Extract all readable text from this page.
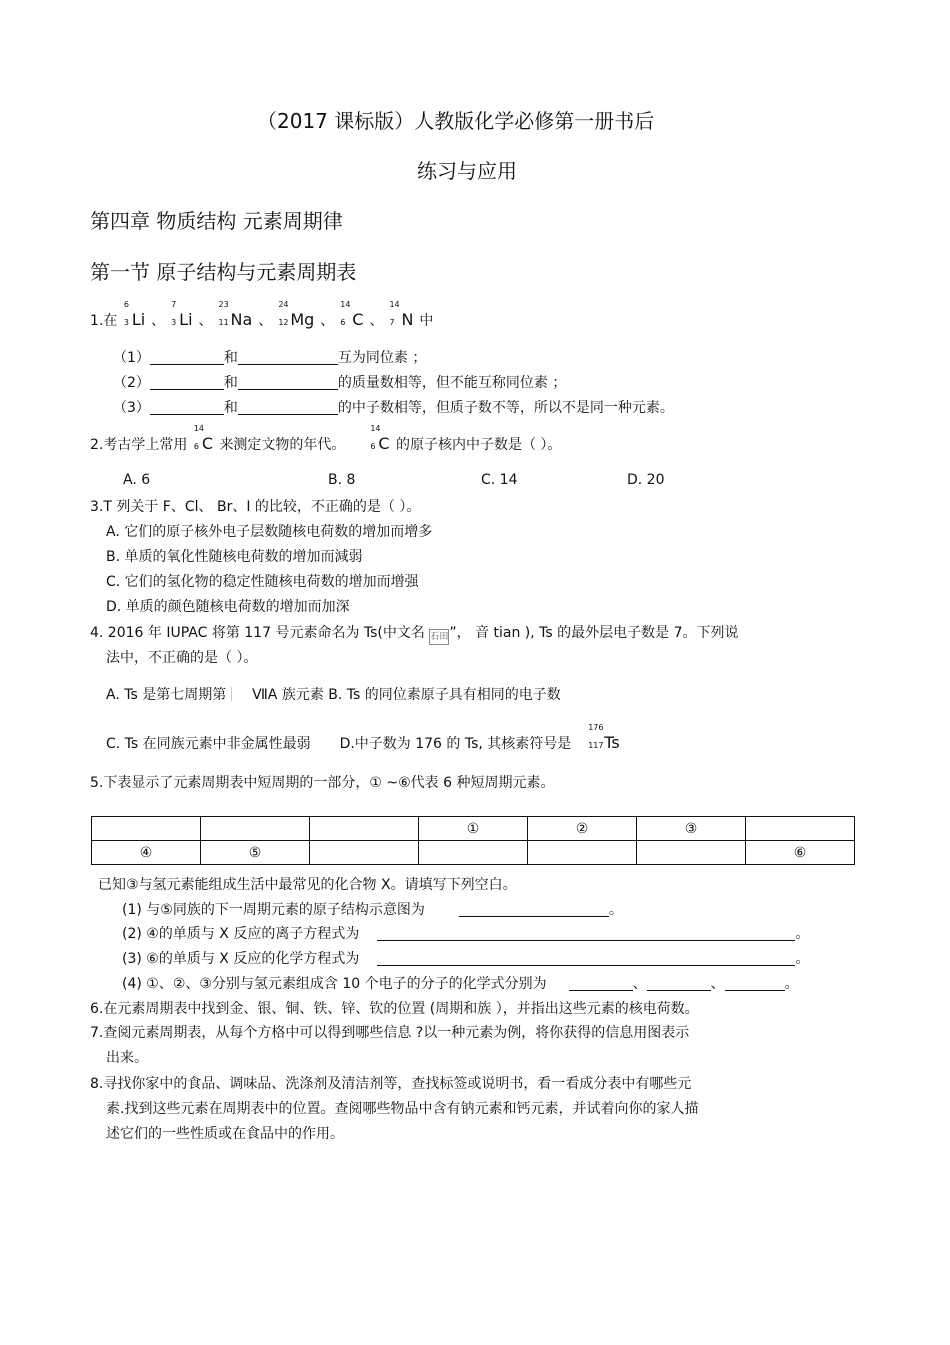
（2017 课标版）人教版化学必修第一册书后
练习与应用
第四章 物质结构 元素周期律
第一节 原子结构与元素周期表
1.在
6
3 Li 、
7
3 Li 、
23
11 Na 、
24
12 Mg 、
14
6 C 、
14
7 N 中
（1）	和	互为同位素 ；
（2）	和	的质量数相等，但不能互称同位素 ；
（3）	和	的中子数相等，但质子数不等，所以不是同一种元素。
2.考古学上常用
14
6 C 来测定文物的年代。
14
6 C 的原子核内中子数是（ ）。
A. 6	B. 8	C. 14	D. 20
3.T 列关于 F、Cl、 Br、I 的比较，不正确的是（ ）。
A. 它们的原子核外电子层数随核电荷数的增加而增多
B. 单质的氧化性随核电荷数的增加而減弱
C. 它们的氢化物的稳定性随核电荷数的增加而增强
D. 单质的颜色随核电荷数的增加而加深
4. 2016 年 IUPAC 将第 117 号元素命名为 Ts(中文名 石田”， 音 tian ), Ts 的最外层电子数是 7。下列说
法中，不正确的是（ ）。
A. Ts 是第七周期第 ⅦA 族元素 B. Ts 的同位素原子具有相同的电子数
C. Ts 在同族元素中非金属性最弱 D.中子数为 176 的 Ts, 其核素符号是
176
117 Ts
5.下表显示了元素周期表中短周期的一部分，① ~⑥代表 6 种短周期元素。
			①	②	③	
④	⑤					⑥
已知③与氢元素能组成生活中最常见的化合物 X。请填写下列空白。
(1) 与⑤同族的下一周期元素的原子结构示意图为	。
(2) ④的单质与 X 反应的离子方程式为	。
(3) ⑥的单质与 X 反应的化学方程式为	。
(4) ①、②、③分别与氢元素组成含 10 个电子的分子的化学式分别为	、	、	。
6.在元素周期表中找到金、银、铜、铁、锌、钦的位置 (周期和族 ），并指出这些元素的核电荷数。
7.查阅元素周期表，从每个方格中可以得到哪些信息 ?以一种元素为例，将你获得的信息用图表示
出来。
8.寻找你家中的食品、调味品、洗涤剂及清洁剂等，查找标签或说明书，看一看成分表中有哪些元
素.找到这些元素在周期表中的位置。查阅哪些物品中含有钠元素和钙元素，并试着向你的家人描
述它们的一些性质或在食品中的作用。
